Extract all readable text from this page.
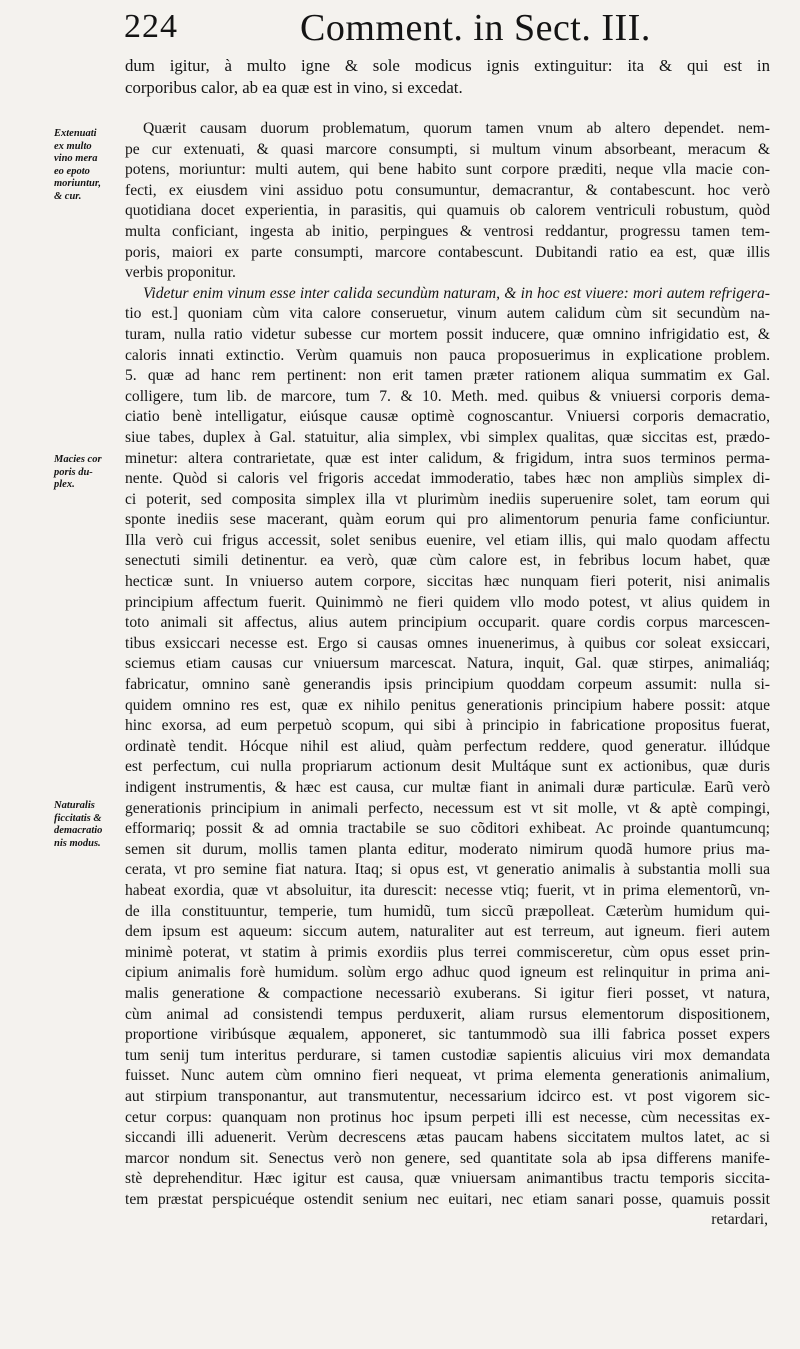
224	Comment. in Sect. III.
Extenuati
ex multo
vino mera
eo epoto
moriuntur,
& cur.
Macies cor
poris du-
plex.
Naturalis
ficcitatis &
demacratio
nis modus.
dum igitur, à multo igne & sole modicus ignis extinguitur: ita & qui est in
corporibus calor, ab ea quæ est in vino, si excedat.
Quærit causam duorum problematum, quorum tamen vnum ab altero dependet. nem-
pe cur extenuati, & quasi marcore consumpti, si multum vinum absorbeant, meracum &
potens, moriuntur: multi autem, qui bene habito sunt corpore præditi, neque vlla macie con-
fecti, ex eiusdem vini assiduo potu consumuntur, demacrantur, & contabescunt. hoc verò
quotidiana docet experientia, in parasitis, qui quamuis ob calorem ventriculi robustum, quòd
multa conficiant, ingesta ab initio, perpingues & ventrosi reddantur, progressu tamen tem-
poris, maiori ex parte consumpti, marcore contabescunt. Dubitandi ratio ea est, quæ illis
verbis proponitur.
Videtur enim vinum esse inter calida secundùm naturam, & in hoc est viuere: mori autem refrigera-
tio est.] quoniam cùm vita calore conseruetur, vinum autem calidum cùm sit secundùm na-
turam, nulla ratio videtur subesse cur mortem possit inducere, quæ omnino infrigidatio est, &
caloris innati extinctio. Verùm quamuis non pauca proposuerimus in explicatione problem.
5. quæ ad hanc rem pertinent: non erit tamen præter rationem aliqua summatim ex Gal.
colligere, tum lib. de marcore, tum 7. & 10. Meth. med. quibus & vniuersi corporis dema-
ciatio benè intelligatur, eiúsque causæ optimè cognoscantur. Vniuersi corporis demacratio,
siue tabes, duplex à Gal. statuitur, alia simplex, vbi simplex qualitas, quæ siccitas est, prædo-
minetur: altera contrarietate, quæ est inter calidum, & frigidum, intra suos terminos perma-
nente. Quòd si caloris vel frigoris accedat immoderatio, tabes hæc non ampliùs simplex di-
ci poterit, sed composita simplex illa vt plurimùm inediis superuenire solet, tam eorum qui
sponte inediis sese macerant, quàm eorum qui pro alimentorum penuria fame conficiuntur.
Illa verò cui frigus accessit, solet senibus euenire, vel etiam illis, qui malo quodam affectu
senectuti simili detinentur. ea verò, quæ cùm calore est, in febribus locum habet, quæ
hecticæ sunt. In vniuerso autem corpore, siccitas hæc nunquam fieri poterit, nisi animalis
principium affectum fuerit. Quinimmò ne fieri quidem vllo modo potest, vt alius quidem in
toto animali sit affectus, alius autem principium occuparit. quare cordis corpus marcescen-
tibus exsiccari necesse est. Ergo si causas omnes inuenerimus, à quibus cor soleat exsiccari,
sciemus etiam causas cur vniuersum marcescat. Natura, inquit, Gal. quæ stirpes, animaliáq;
fabricatur, omnino sanè generandis ipsis principium quoddam corpeum assumit: nulla si-
quidem omnino res est, quæ ex nihilo penitus generationis principium habere possit: atque
hinc exorsa, ad eum perpetuò scopum, qui sibi à principio in fabricatione propositus fuerat,
ordinatè tendit. Hócque nihil est aliud, quàm perfectum reddere, quod generatur. illúdque
est perfectum, cui nulla propriarum actionum desit Multáque sunt ex actionibus, quæ duris
indigent instrumentis, & hæc est causa, cur multæ fiant in animali duræ particulæ. Earũ verò
generationis principium in animali perfecto, necessum est vt sit molle, vt & aptè compingi,
efformariq; possit & ad omnia tractabile se suo cõditori exhibeat. Ac proinde quantumcunq;
semen sit durum, mollis tamen planta editur, moderato nimirum quodã humore prius ma-
cerata, vt pro semine fiat natura. Itaq; si opus est, vt generatio animalis à substantia molli sua
habeat exordia, quæ vt absoluitur, ita durescit: necesse vtiq; fuerit, vt in prima elementorũ, vn-
de illa constituuntur, temperie, tum humidũ, tum siccũ præpolleat. Cæterùm humidum qui-
dem ipsum est aqueum: siccum autem, naturaliter aut est terreum, aut igneum. fieri autem
minimè poterat, vt statim à primis exordiis plus terrei commisceretur, cùm opus esset prin-
cipium animalis forè humidum. solùm ergo adhuc quod igneum est relinquitur in prima ani-
malis generatione & compactione necessariò exuberans. Si igitur fieri posset, vt natura,
cùm animal ad consistendi tempus perduxerit, aliam rursus elementorum dispositionem,
proportione viribúsque æqualem, apponeret, sic tantummodò sua illi fabrica posset expers
tum senij tum interitus perdurare, si tamen custodiæ sapientis alicuius viri mox demandata
fuisset. Nunc autem cùm omnino fieri nequeat, vt prima elementa generationis animalium,
aut stirpium transponantur, aut transmutentur, necessarium idcirco est. vt post vigorem sic-
cetur corpus: quanquam non protinus hoc ipsum perpeti illi est necesse, cùm necessitas ex-
siccandi illi aduenerit. Verùm decrescens ætas paucam habens siccitatem multos latet, ac si
marcor nondum sit. Senectus verò non genere, sed quantitate sola ab ipsa differens manife-
stè deprehenditur. Hæc igitur est causa, quæ vniuersam animantibus tractu temporis siccita-
tem præstat perspicuéque ostendit senium nec euitari, nec etiam sanari posse, quamuis possit
retardari,
